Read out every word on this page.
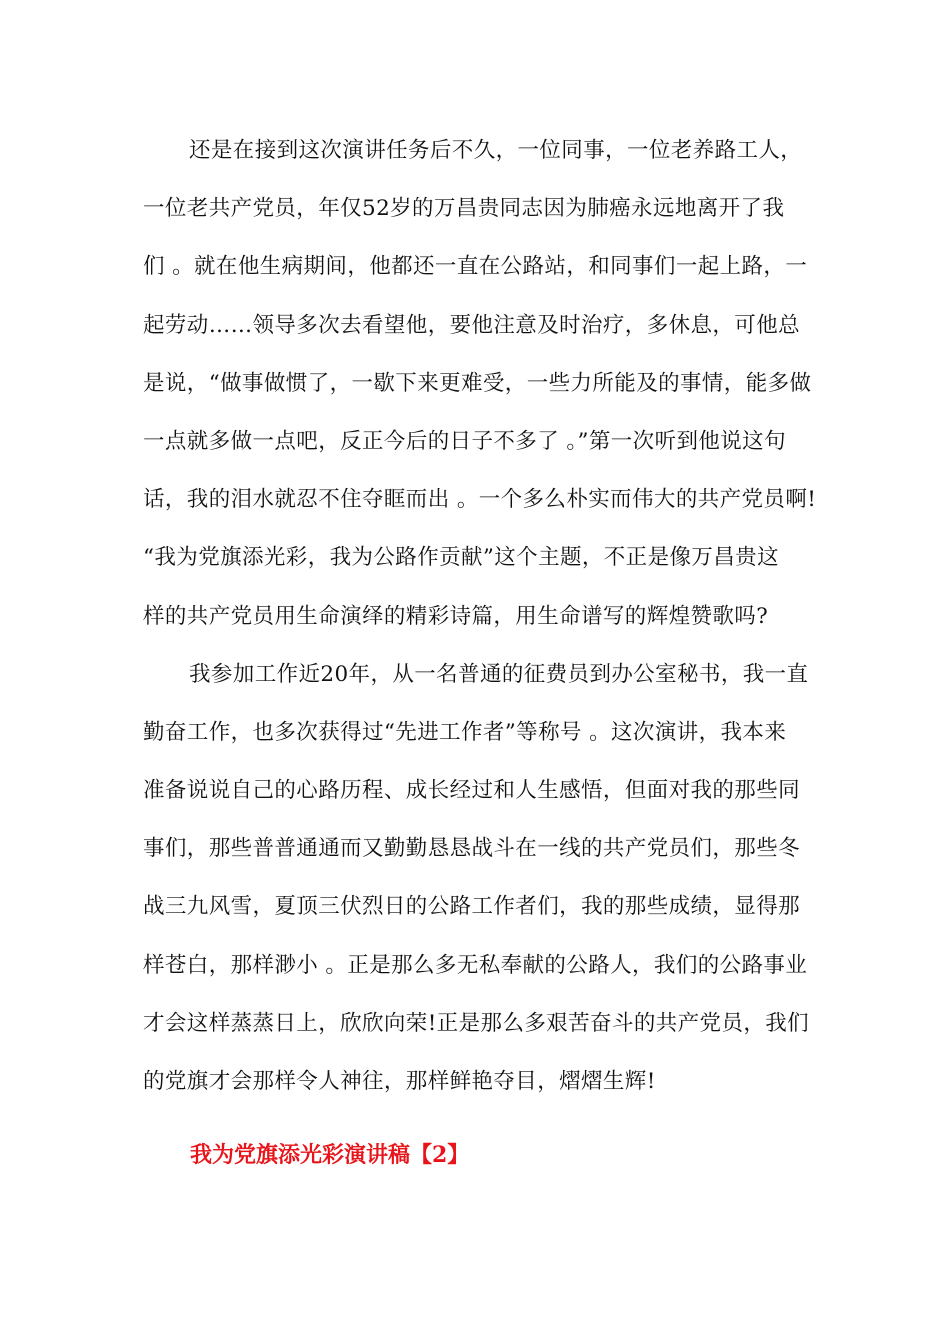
还是在接到这次演讲任务后不久，一位同事，一位老养路工人，
一位老共产党员，年仅52岁的万昌贵同志因为肺癌永远地离开了我
们 。就在他生病期间，他都还一直在公路站，和同事们一起上路，一
起劳动……领导多次去看望他，要他注意及时治疗，多休息，可他总
是说，“做事做惯了，一歇下来更难受，一些力所能及的事情，能多做
一点就多做一点吧，反正今后的日子不多了 。”第一次听到他说这句
话，我的泪水就忍不住夺眶而出 。一个多么朴实而伟大的共产党员啊!
“我为党旗添光彩，我为公路作贡献”这个主题，不正是像万昌贵这
样的共产党员用生命演绎的精彩诗篇，用生命谱写的辉煌赞歌吗?
我参加工作近20年，从一名普通的征费员到办公室秘书，我一直
勤奋工作，也多次获得过“先进工作者”等称号 。这次演讲，我本来
准备说说自己的心路历程、成长经过和人生感悟，但面对我的那些同
事们，那些普普通通而又勤勤恳恳战斗在一线的共产党员们，那些冬
战三九风雪，夏顶三伏烈日的公路工作者们，我的那些成绩，显得那
样苍白，那样渺小 。正是那么多无私奉献的公路人，我们的公路事业
才会这样蒸蒸日上，欣欣向荣!正是那么多艰苦奋斗的共产党员，我们
的党旗才会那样令人神往，那样鲜艳夺目，熠熠生辉!
我为党旗添光彩演讲稿【2】
